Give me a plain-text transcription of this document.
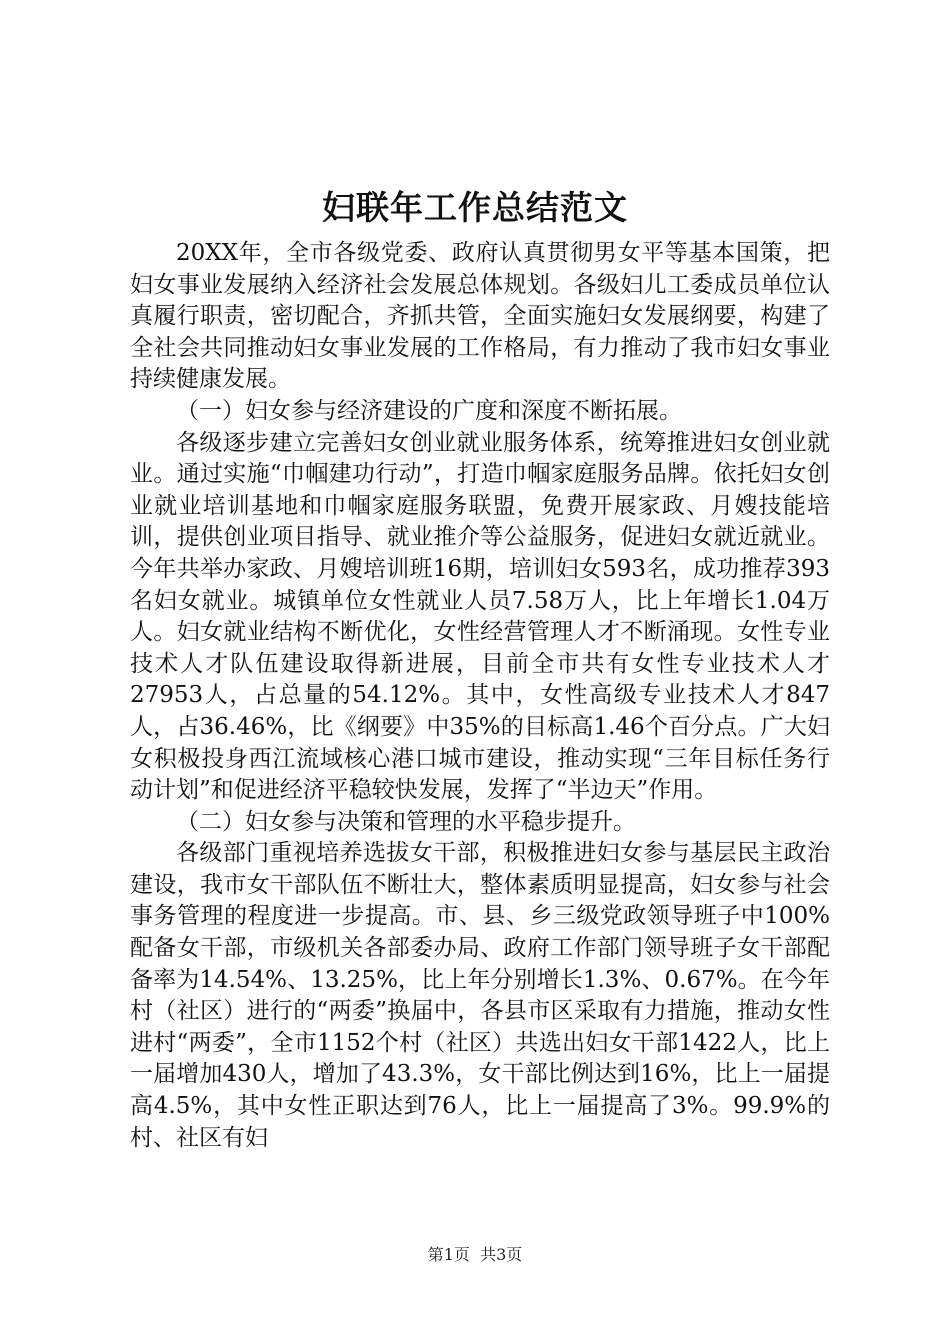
妇联年工作总结范文

20XX年，全市各级党委、政府认真贯彻男女平等基本国策，把妇女事业发展纳入经济社会发展总体规划。各级妇儿工委成员单位认真履行职责，密切配合，齐抓共管，全面实施妇女发展纲要，构建了全社会共同推动妇女事业发展的工作格局，有力推动了我市妇女事业持续健康发展。

（一）妇女参与经济建设的广度和深度不断拓展。

各级逐步建立完善妇女创业就业服务体系，统筹推进妇女创业就业。通过实施“巾帼建功行动”，打造巾帼家庭服务品牌。依托妇女创业就业培训基地和巾帼家庭服务联盟，免费开展家政、月嫂技能培训，提供创业项目指导、就业推介等公益服务，促进妇女就近就业。今年共举办家政、月嫂培训班16期，培训妇女593名，成功推荐393名妇女就业。城镇单位女性就业人员7.58万人，比上年增长1.04万人。妇女就业结构不断优化，女性经营管理人才不断涌现。女性专业技术人才队伍建设取得新进展，目前全市共有女性专业技术人才27953人，占总量的54.12%。其中，女性高级专业技术人才847人，占36.46%，比《纲要》中35%的目标高1.46个百分点。广大妇女积极投身西江流域核心港口城市建设，推动实现“三年目标任务行动计划”和促进经济平稳较快发展，发挥了“半边天”作用。

（二）妇女参与决策和管理的水平稳步提升。

各级部门重视培养选拔女干部，积极推进妇女参与基层民主政治建设，我市女干部队伍不断壮大，整体素质明显提高，妇女参与社会事务管理的程度进一步提高。市、县、乡三级党政领导班子中100%配备女干部，市级机关各部委办局、政府工作部门领导班子女干部配备率为14.54%、13.25%，比上年分别增长1.3%、0.67%。在今年村（社区）进行的“两委”换届中，各县市区采取有力措施，推动女性进村“两委”，全市1152个村（社区）共选出妇女干部1422人，比上一届增加430人，增加了43.3%，女干部比例达到16%，比上一届提高4.5%，其中女性正职达到76人，比上一届提高了3%。99.9%的村、社区有妇

第1页 共3页
